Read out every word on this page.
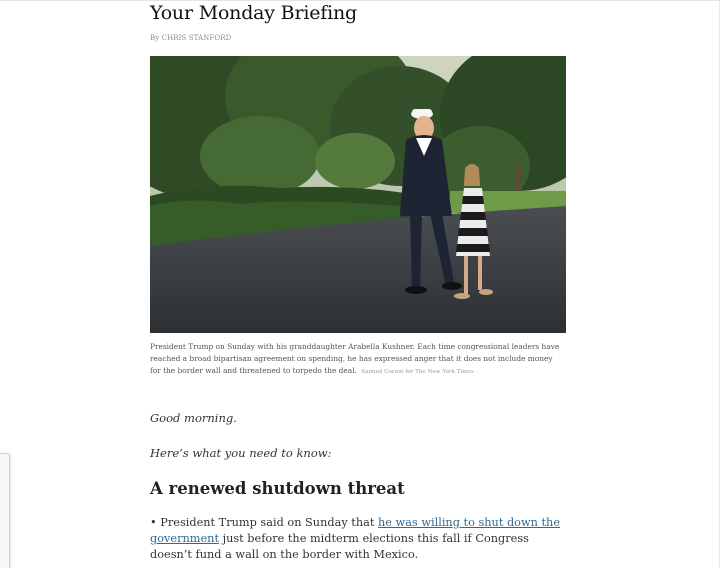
Your Monday Briefing
By CHRIS STANFORD
President Trump on Sunday with his granddaughter Arabella Kushner. Each time congressional leaders have reached a broad bipartisan agreement on spending, he has expressed anger that it does not include money for the border wall and threatened to torpedo the deal. Samuel Corum for The New York Times

Good morning.

Here’s what you need to know:

A renewed shutdown threat

• President Trump said on Sunday that he was willing to shut down the government just before the midterm elections this fall if Congress doesn’t fund a wall on the border with Mexico.
